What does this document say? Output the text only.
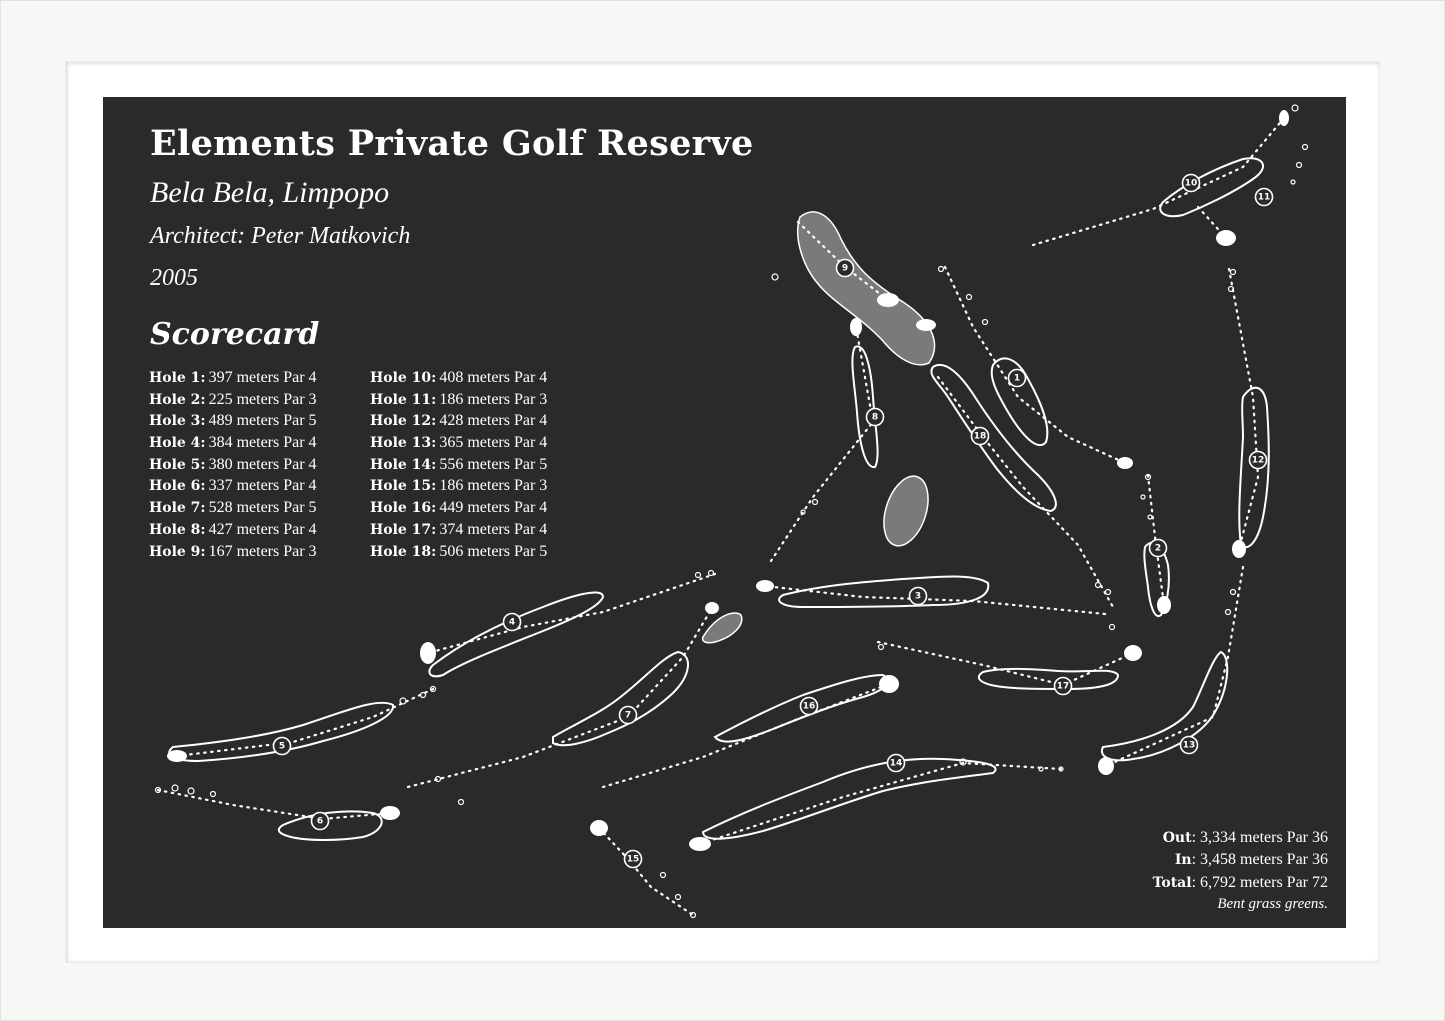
1
2
3
4
5
6
7
8
9
10
11
12
13
14
15
16
17
18
Elements Private Golf Reserve

Bela Bela, Limpopo

Architect: Peter Matkovich

2005

Scorecard
Hole 1: 397 meters Par 4
Hole 2: 225 meters Par 3
Hole 3: 489 meters Par 5
Hole 4: 384 meters Par 4
Hole 5: 380 meters Par 4
Hole 6: 337 meters Par 4
Hole 7: 528 meters Par 5
Hole 8: 427 meters Par 4
Hole 9: 167 meters Par 3
Hole 10: 408 meters Par 4
Hole 11: 186 meters Par 3
Hole 12: 428 meters Par 4
Hole 13: 365 meters Par 4
Hole 14: 556 meters Par 5
Hole 15: 186 meters Par 3
Hole 16: 449 meters Par 4
Hole 17: 374 meters Par 4
Hole 18: 506 meters Par 5
Out: 3,334 meters Par 36
In: 3,458 meters Par 36
Total: 6,792 meters Par 72
Bent grass greens.
